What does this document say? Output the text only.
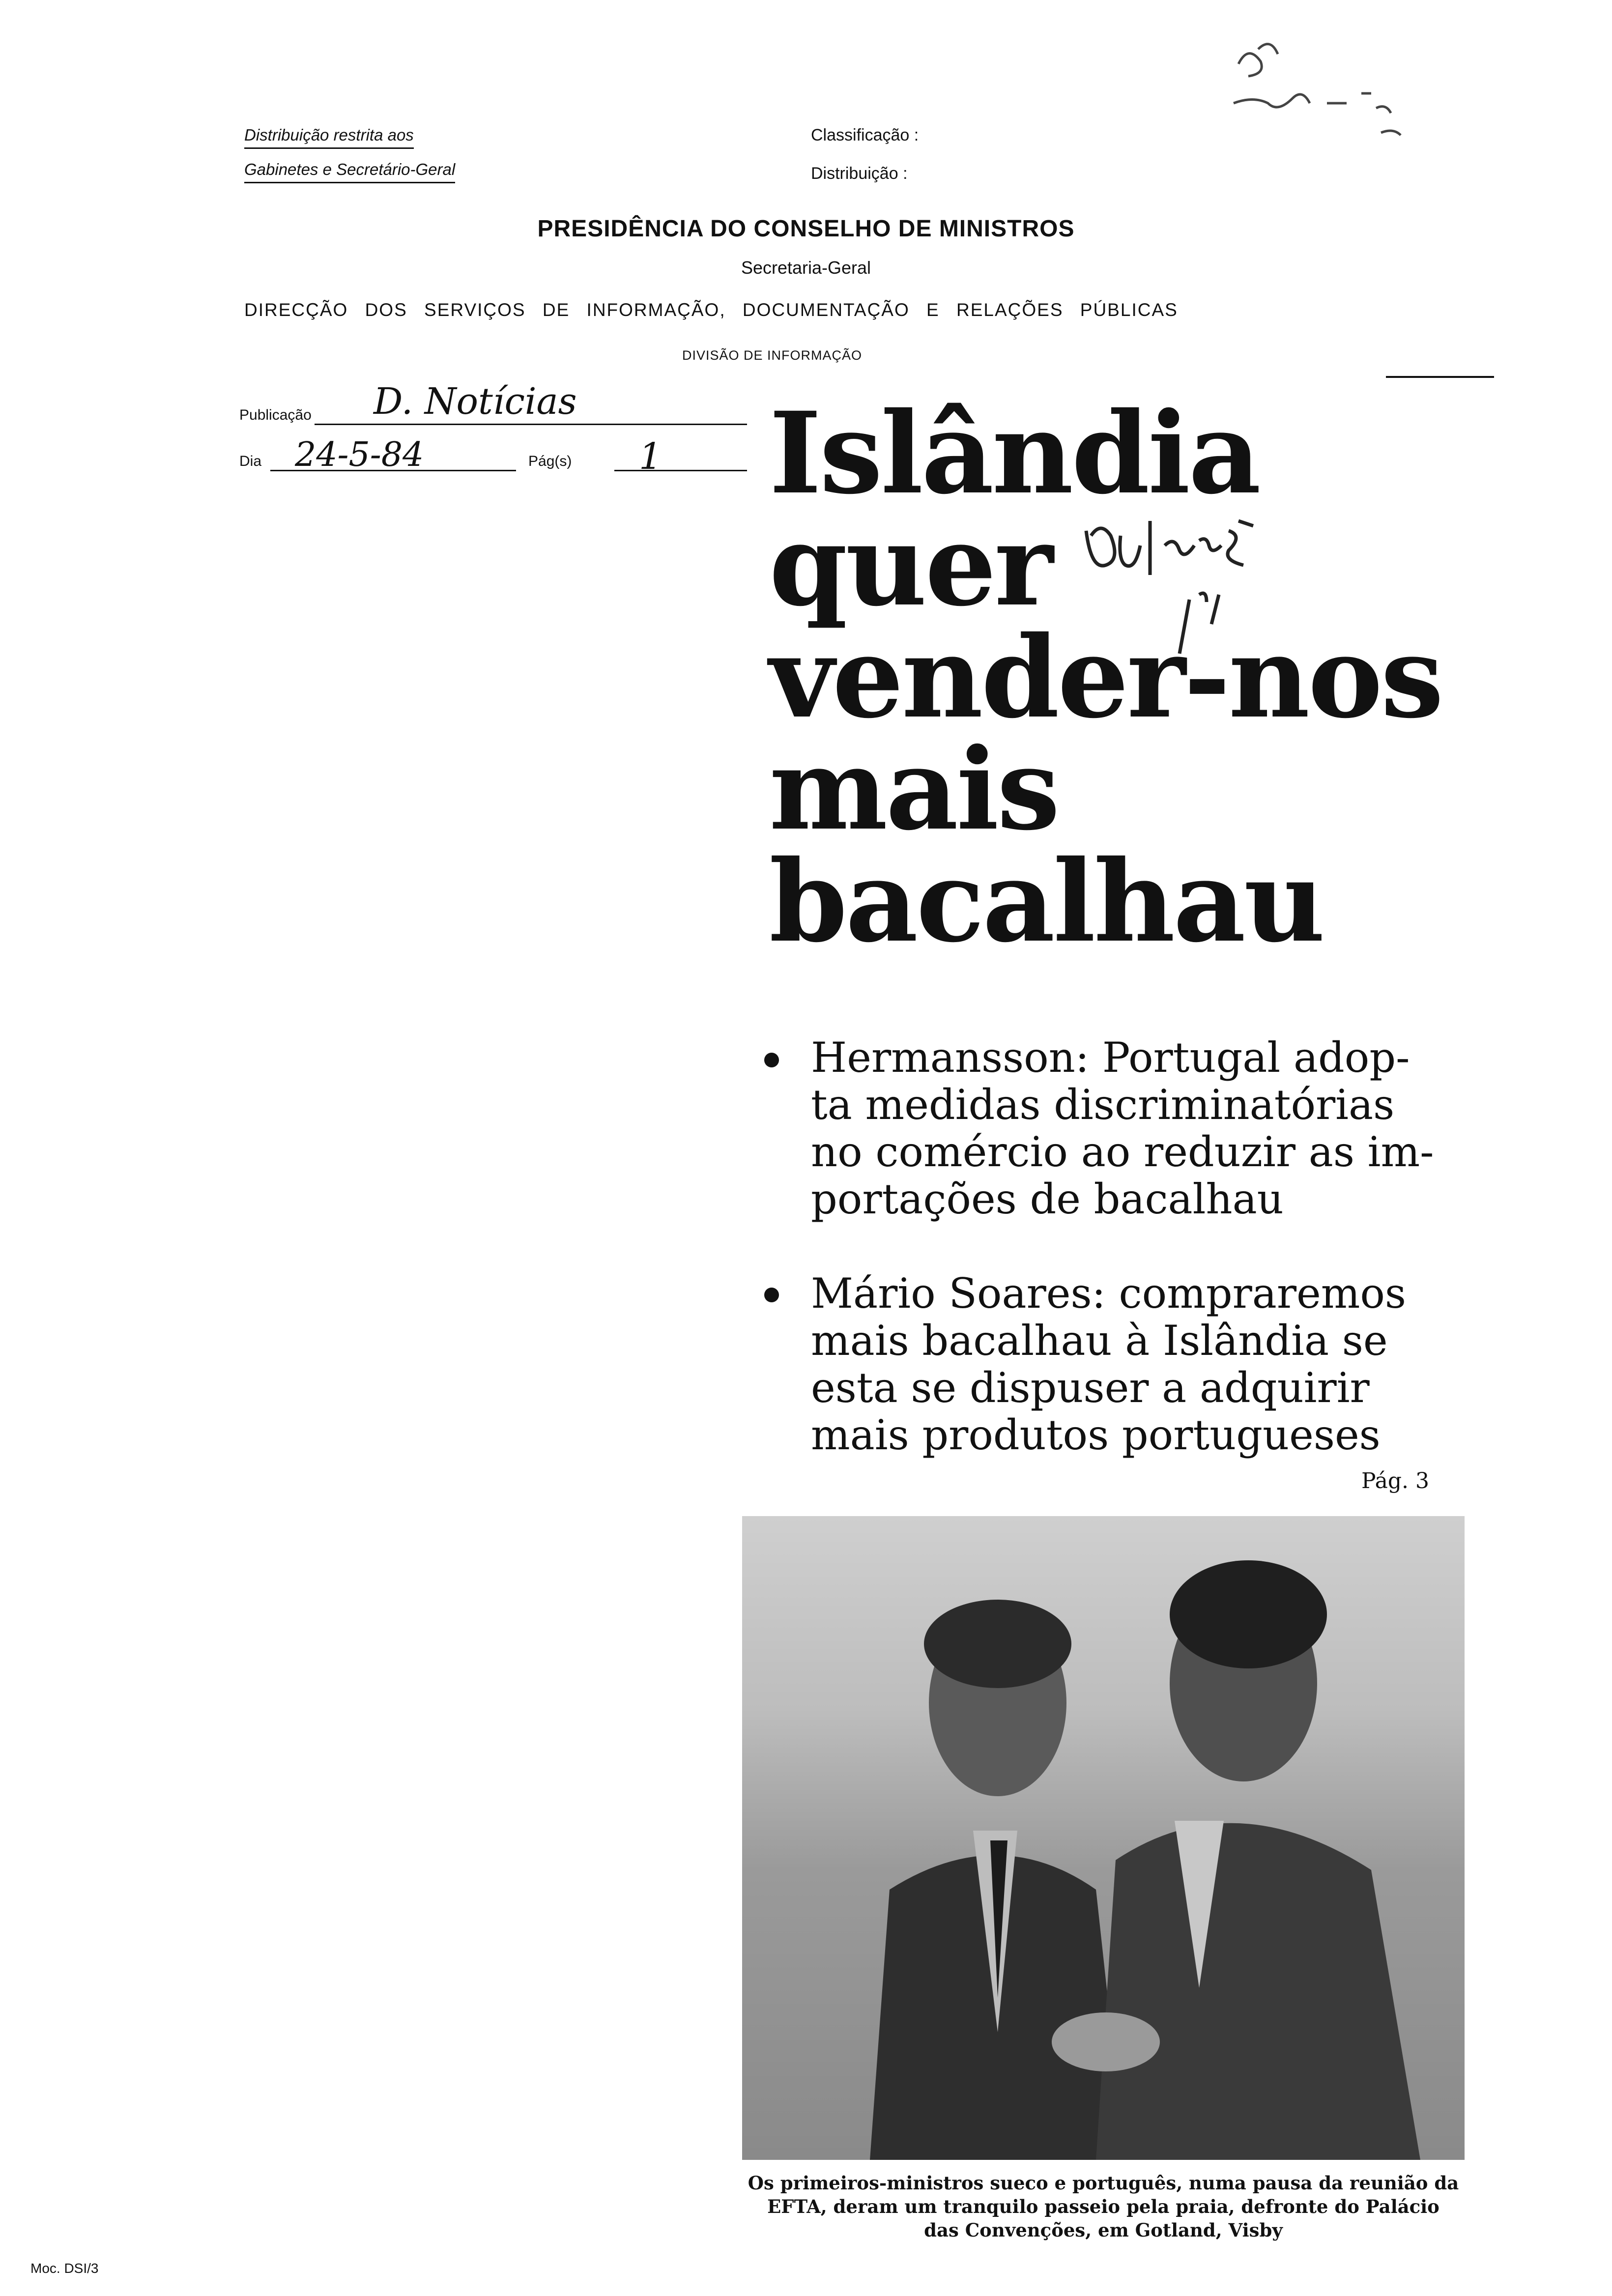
Distribuição restrita aos
Gabinetes e Secretário-Geral
Classificação :
Distribuição :
PRESIDÊNCIA DO CONSELHO DE MINISTROS
Secretaria-Geral
DIRECÇÃO DOS SERVIÇOS DE INFORMAÇÃO, DOCUMENTAÇÃO E RELAÇÕES PÚBLICAS
DIVISÃO DE INFORMAÇÃO
Publicação D. Notícias
Dia 24-5-84	Pág(s) 1 Islândia
quer
vender-nos
mais
bacalhau
Hermansson: Portugal adop-
ta medidas discriminatórias
no comércio ao reduzir as im-
portações de bacalhau
Mário Soares: compraremos
mais bacalhau à Islândia se
esta se dispuser a adquirir
mais produtos portugueses
Pág. 3
Os primeiros-ministros sueco e português, numa pausa da reunião da
EFTA, deram um tranquilo passeio pela praia, defronte do Palácio
das Convenções, em Gotland, Visby
Moc. DSI/3
